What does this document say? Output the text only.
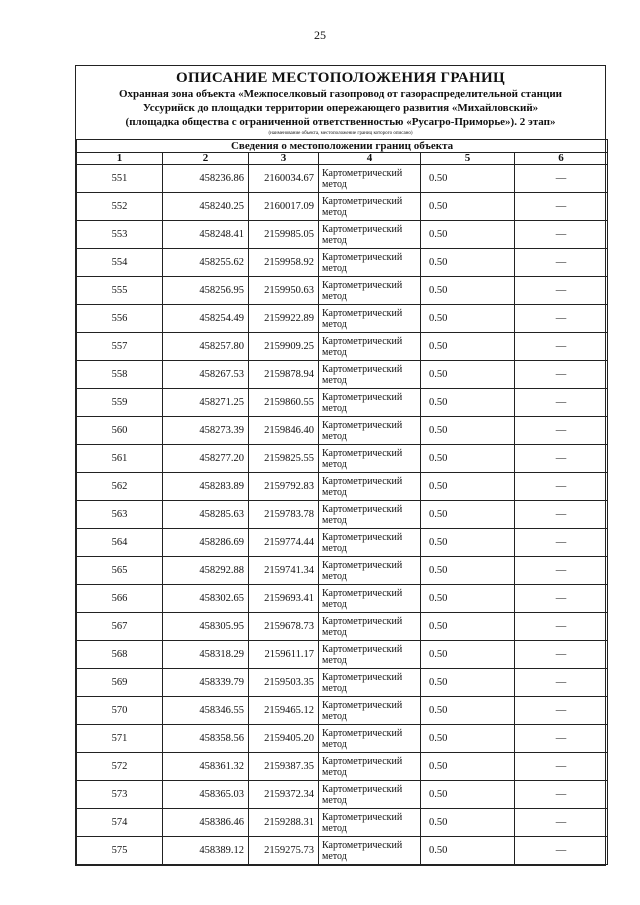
25
ОПИСАНИЕ МЕСТОПОЛОЖЕНИЯ ГРАНИЦ
Охранная зона объекта «Межпоселковый газопровод от газораспределительной станции
Уссурийск до площадки территории опережающего развития «Михайловский»
(площадка общества с ограниченной ответственностью «Русагро-Приморье»). 2 этап»
(наименование объекта, местоположение границ которого описано)
Сведения о местоположении границ объекта					
1	2	3	4	5	6
551	458236.86	2160034.67	Картометрический метод	0.50	—
552	458240.25	2160017.09	Картометрический метод	0.50	—
553	458248.41	2159985.05	Картометрический метод	0.50	—
554	458255.62	2159958.92	Картометрический метод	0.50	—
555	458256.95	2159950.63	Картометрический метод	0.50	—
556	458254.49	2159922.89	Картометрический метод	0.50	—
557	458257.80	2159909.25	Картометрический метод	0.50	—
558	458267.53	2159878.94	Картометрический метод	0.50	—
559	458271.25	2159860.55	Картометрический метод	0.50	—
560	458273.39	2159846.40	Картометрический метод	0.50	—
561	458277.20	2159825.55	Картометрический метод	0.50	—
562	458283.89	2159792.83	Картометрический метод	0.50	—
563	458285.63	2159783.78	Картометрический метод	0.50	—
564	458286.69	2159774.44	Картометрический метод	0.50	—
565	458292.88	2159741.34	Картометрический метод	0.50	—
566	458302.65	2159693.41	Картометрический метод	0.50	—
567	458305.95	2159678.73	Картометрический метод	0.50	—
568	458318.29	2159611.17	Картометрический метод	0.50	—
569	458339.79	2159503.35	Картометрический метод	0.50	—
570	458346.55	2159465.12	Картометрический метод	0.50	—
571	458358.56	2159405.20	Картометрический метод	0.50	—
572	458361.32	2159387.35	Картометрический метод	0.50	—
573	458365.03	2159372.34	Картометрический метод	0.50	—
574	458386.46	2159288.31	Картометрический метод	0.50	—
575	458389.12	2159275.73	Картометрический метод	0.50	—
